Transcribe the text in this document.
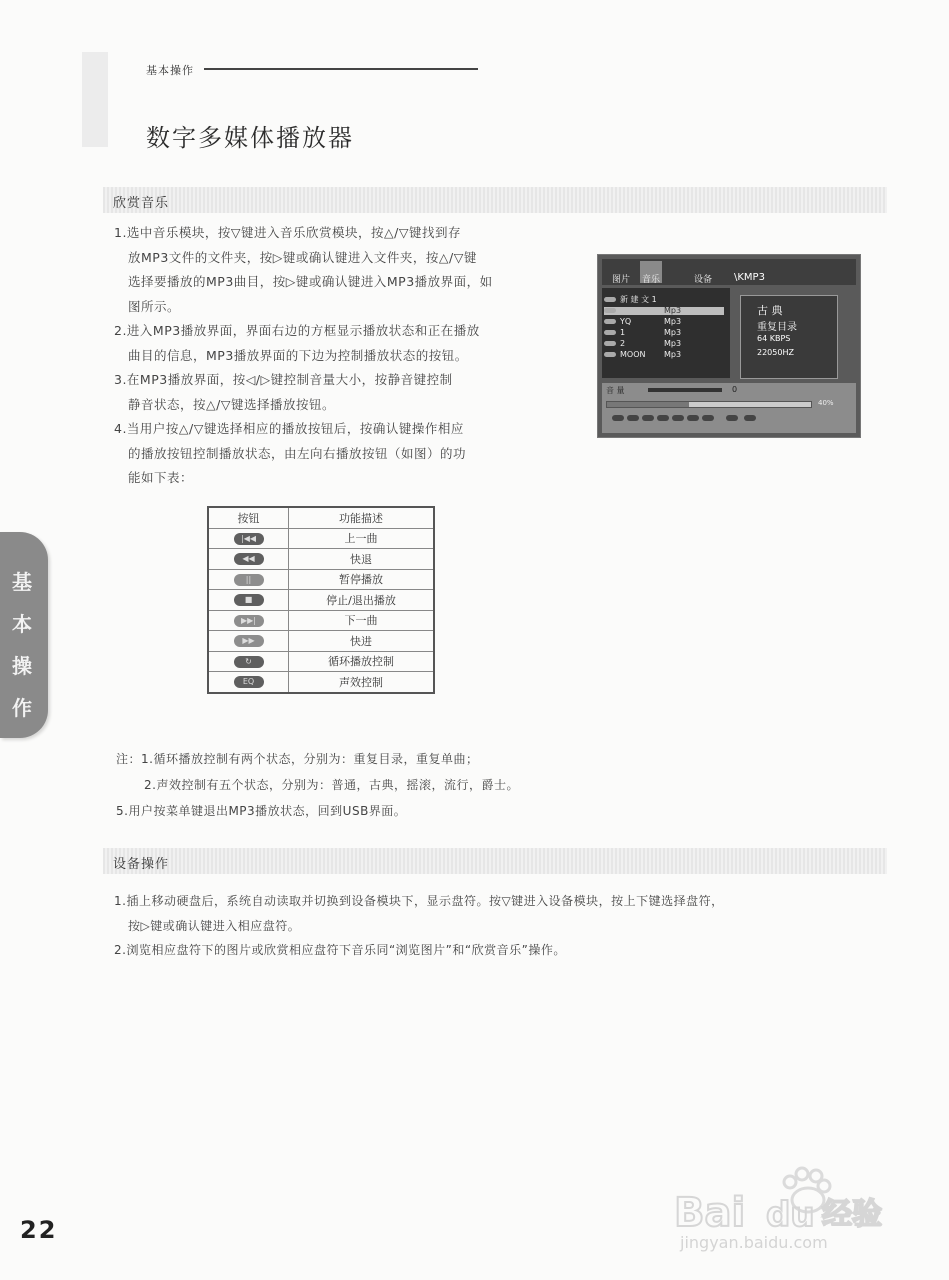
基本操作
数字多媒体播放器
欣赏音乐

1.选中音乐模块，按▽键进入音乐欣赏模块，按△/▽键找到存

放MP3文件的文件夹，按▷键或确认键进入文件夹，按△/▽键

选择要播放的MP3曲目，按▷键或确认键进入MP3播放界面，如

图所示。

2.进入MP3播放界面，界面右边的方框显示播放状态和正在播放

曲目的信息，MP3播放界面的下边为控制播放状态的按钮。

3.在MP3播放界面，按◁/▷键控制音量大小，按静音键控制

静音状态，按△/▽键选择播放按钮。

4.当用户按△/▽键选择相应的播放按钮后，按确认键操作相应

的播放按钮控制播放状态，由左向右播放按钮（如图）的功

能如下表：

图片 音乐	设备 \KMP3
新 建 文 1
Mp3
YQ	Mp3
1	Mp3
2	Mp3
MOON Mp3
古 典
重复目录
64 KBPS
22050HZ
音 量	0
40%
按钮	功能描述
|◀◀	上一曲
◀◀	快退
||	暂停播放
■	停止/退出播放
▶▶|	下一曲
▶▶	快进
↻	循环播放控制
EQ	声效控制

注：1.循环播放控制有两个状态，分别为：重复目录，重复单曲；

2.声效控制有五个状态，分别为：普通，古典，摇滚，流行，爵士。

5.用户按菜单键退出MP3播放状态，回到USB界面。

设备操作

1.插上移动硬盘后，系统自动读取并切换到设备模块下，显示盘符。按▽键进入设备模块，按上下键选择盘符，

按▷键或确认键进入相应盘符。

2.浏览相应盘符下的图片或欣赏相应盘符下音乐同“浏览图片”和“欣赏音乐”操作。

基
本
操
作
22	Bai du 经验
jingyan.baidu.com
